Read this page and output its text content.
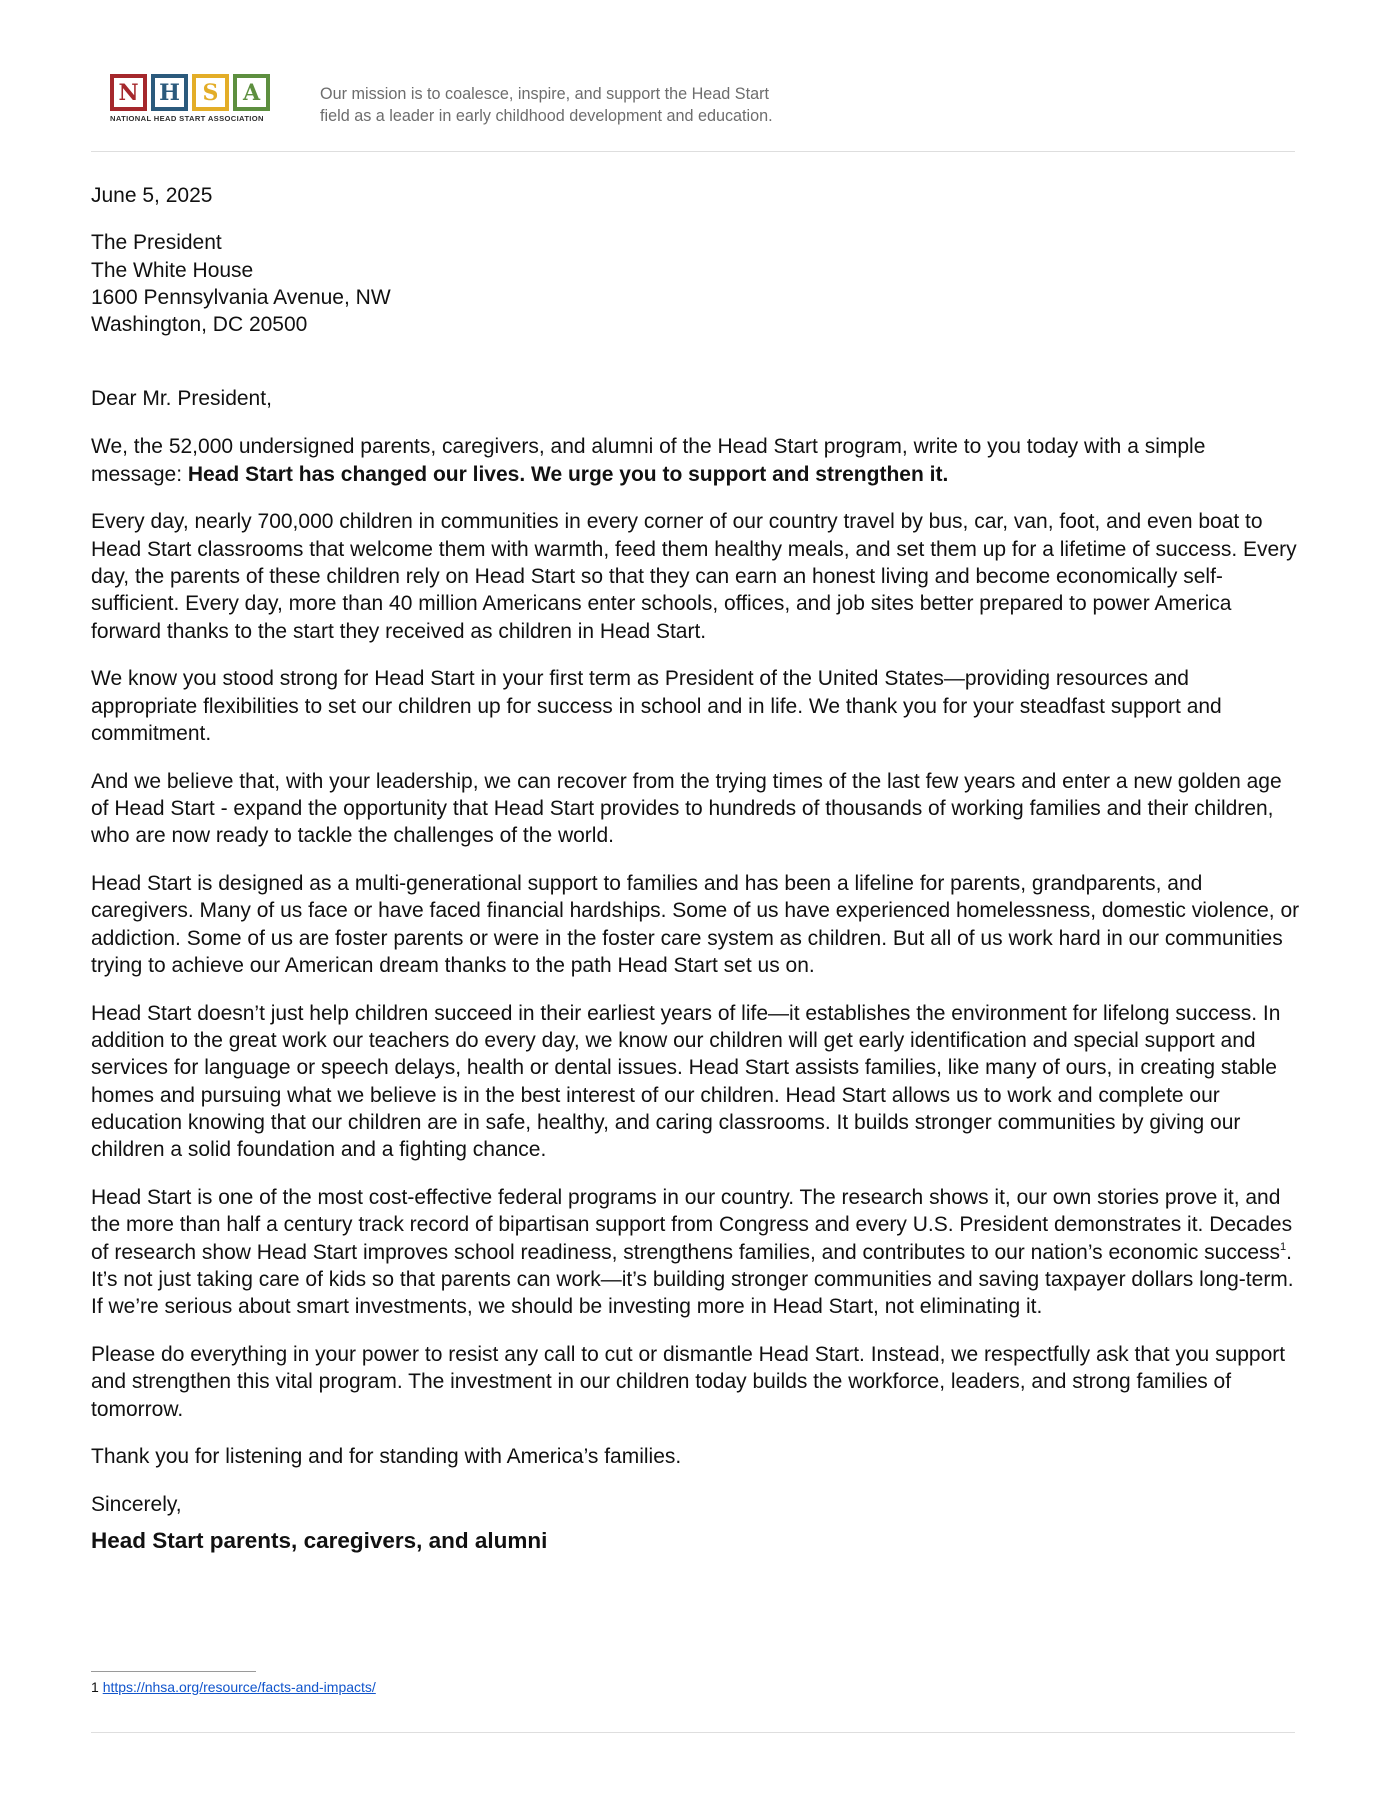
N H	S	A
NATIONAL HEAD START ASSOCIATION
Our mission is to coalesce, inspire, and support the Head Start
field as a leader in early childhood development and education.

June 5, 2025

The President
The White House
1600 Pennsylvania Avenue, NW
Washington, DC 20500

Dear Mr. President,

We, the 52,000 undersigned parents, caregivers, and alumni of the Head Start program, write to you today with a simple message: Head Start has changed our lives. We urge you to support and strengthen it.

Every day, nearly 700,000 children in communities in every corner of our country travel by bus, car, van, foot, and even boat to Head Start classrooms that welcome them with warmth, feed them healthy meals, and set them up for a lifetime of success. Every day, the parents of these children rely on Head Start so that they can earn an honest living and become economically self-sufficient. Every day, more than 40 million Americans enter schools, offices, and job sites better prepared to power America forward thanks to the start they received as children in Head Start.

We know you stood strong for Head Start in your first term as President of the United States—providing resources and appropriate flexibilities to set our children up for success in school and in life. We thank you for your steadfast support and commitment.

And we believe that, with your leadership, we can recover from the trying times of the last few years and enter a new golden age of Head Start - expand the opportunity that Head Start provides to hundreds of thousands of working families and their children, who are now ready to tackle the challenges of the world.

Head Start is designed as a multi-generational support to families and has been a lifeline for parents, grandparents, and caregivers. Many of us face or have faced financial hardships. Some of us have experienced homelessness, domestic violence, or addiction. Some of us are foster parents or were in the foster care system as children. But all of us work hard in our communities trying to achieve our American dream thanks to the path Head Start set us on.

Head Start doesn’t just help children succeed in their earliest years of life—it establishes the environment for lifelong success. In addition to the great work our teachers do every day, we know our children will get early identification and special support and services for language or speech delays, health or dental issues. Head Start assists families, like many of ours, in creating stable homes and pursuing what we believe is in the best interest of our children. Head Start allows us to work and complete our education knowing that our children are in safe, healthy, and caring classrooms. It builds stronger communities by giving our children a solid foundation and a fighting chance.

Head Start is one of the most cost-effective federal programs in our country. The research shows it, our own stories prove it, and the more than half a century track record of bipartisan support from Congress and every U.S. President demonstrates it. Decades of research show Head Start improves school readiness, strengthens families, and contributes to our nation’s economic success$^1$. It’s not just taking care of kids so that parents can work—it’s building stronger communities and saving taxpayer dollars long-term. If we’re serious about smart investments, we should be investing more in Head Start, not eliminating it.

Please do everything in your power to resist any call to cut or dismantle Head Start. Instead, we respectfully ask that you support and strengthen this vital program. The investment in our children today builds the workforce, leaders, and strong families of tomorrow.

Thank you for listening and for standing with America’s families.

Sincerely,

Head Start parents, caregivers, and alumni

1 https://nhsa.org/resource/facts-and-impacts/
